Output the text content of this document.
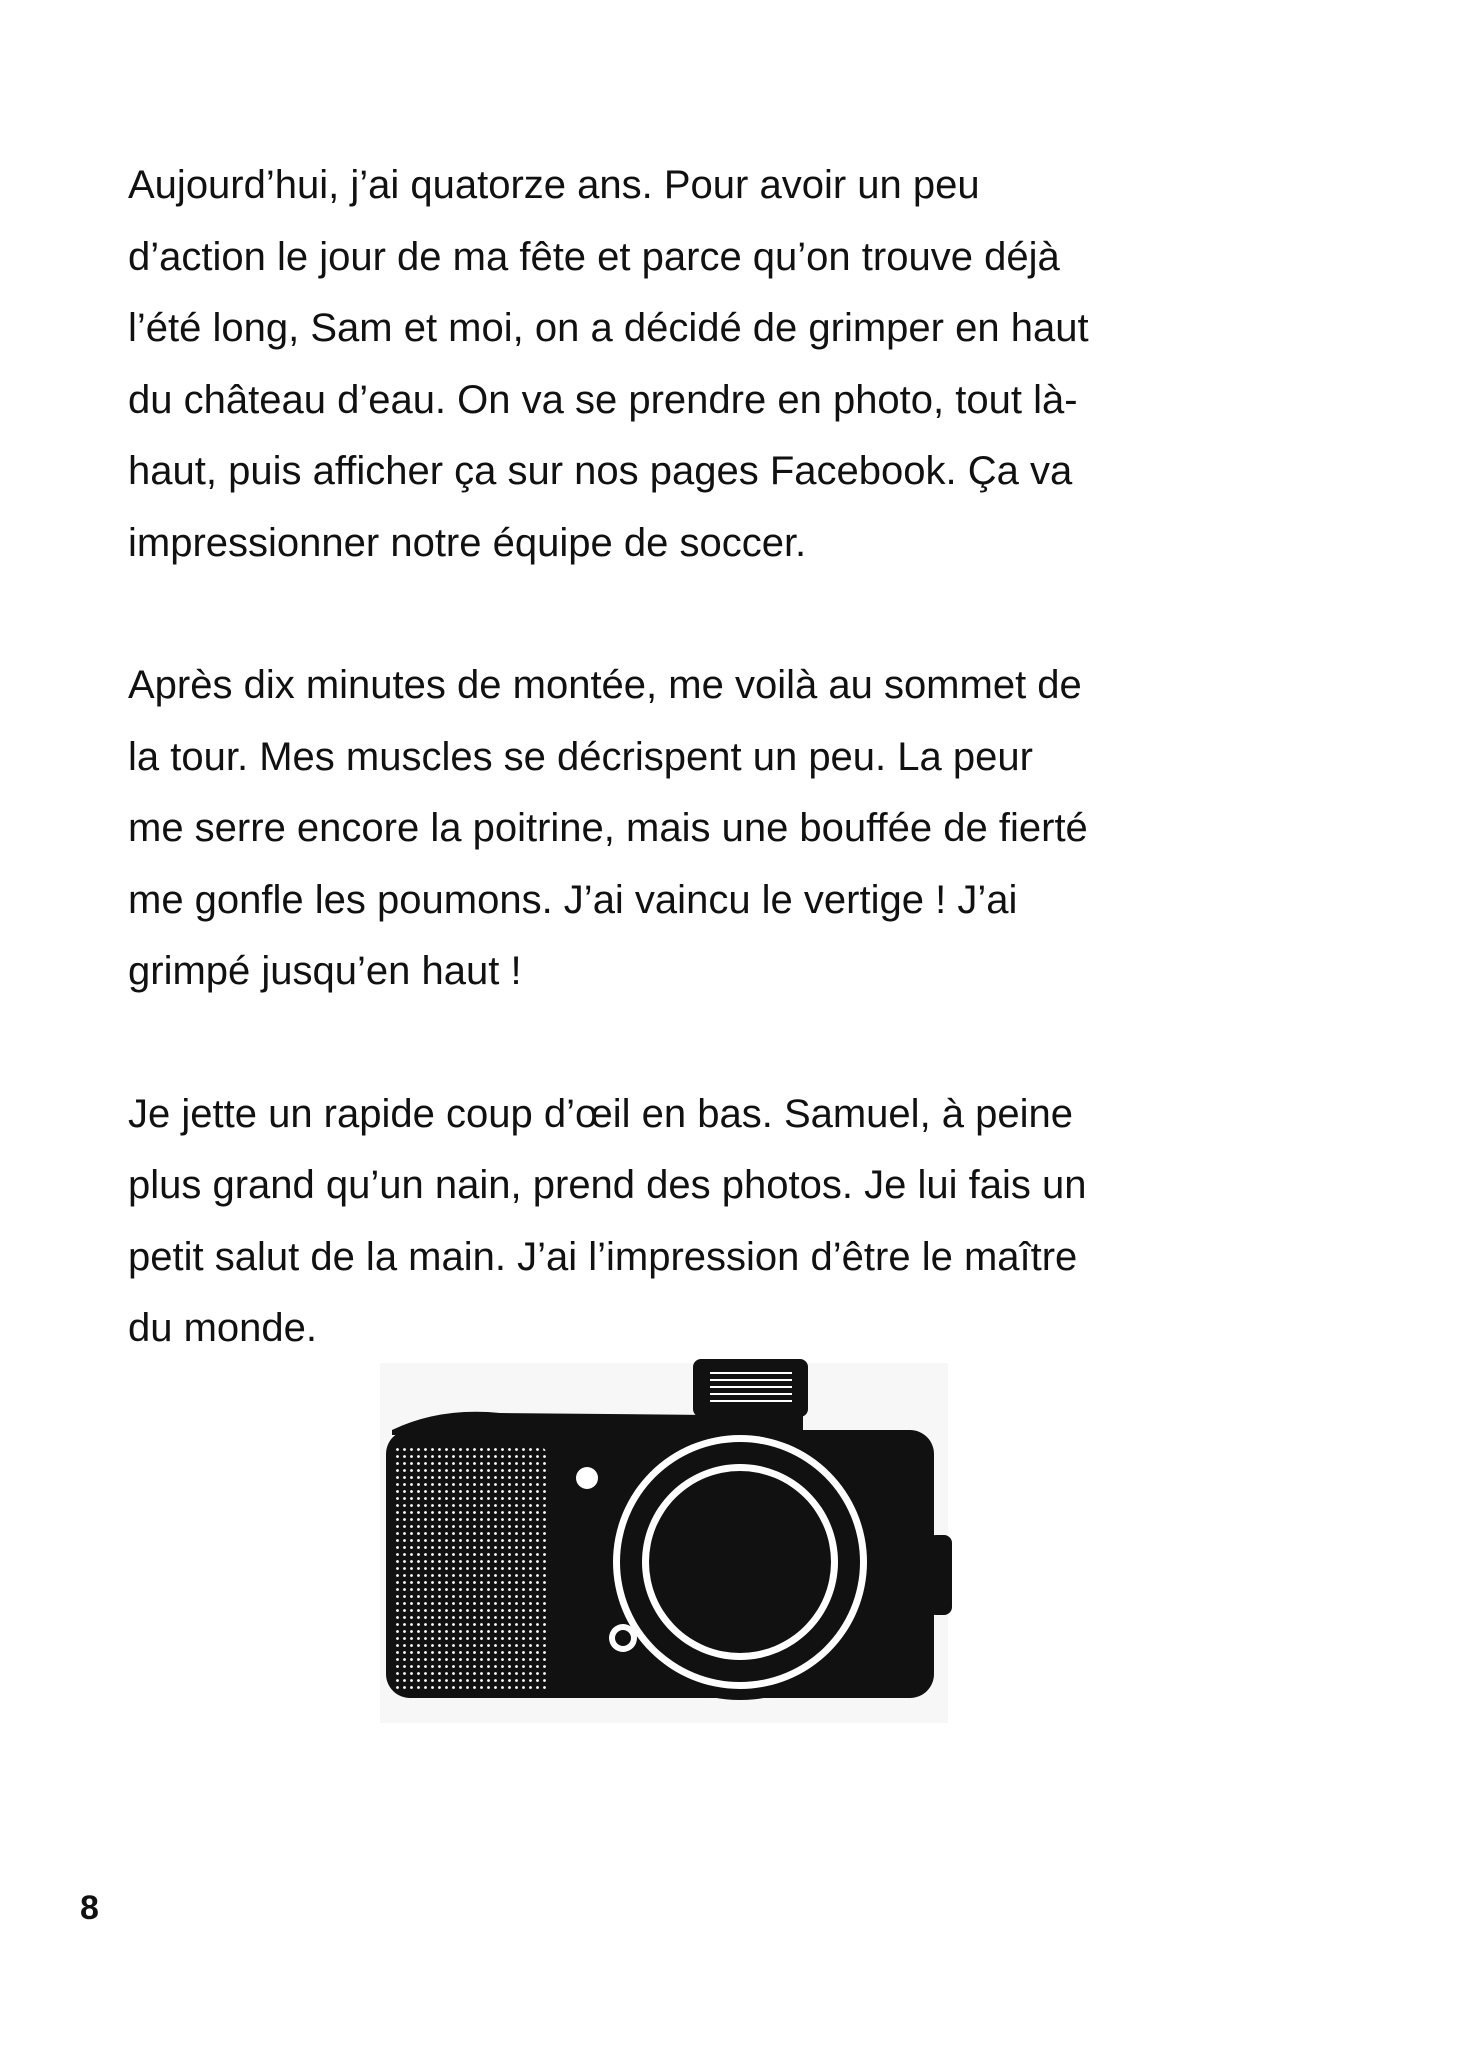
Aujourd’hui, j’ai quatorze ans. Pour avoir un peu
d’action le jour de ma fête et parce qu’on trouve déjà
l’été long, Sam et moi, on a décidé de grimper en haut
du château d’eau. On va se prendre en photo, tout là-
haut, puis afficher ça sur nos pages Facebook. Ça va
impressionner notre équipe de soccer.

Après dix minutes de montée, me voilà au sommet de
la tour. Mes muscles se décrispent un peu. La peur
me serre encore la poitrine, mais une bouffée de fierté
me gonfle les poumons. J’ai vaincu le vertige ! J’ai
grimpé jusqu’en haut !

Je jette un rapide coup d’œil en bas. Samuel, à peine
plus grand qu’un nain, prend des photos. Je lui fais un
petit salut de la main. J’ai l’impression d’être le maître
du monde.

8
